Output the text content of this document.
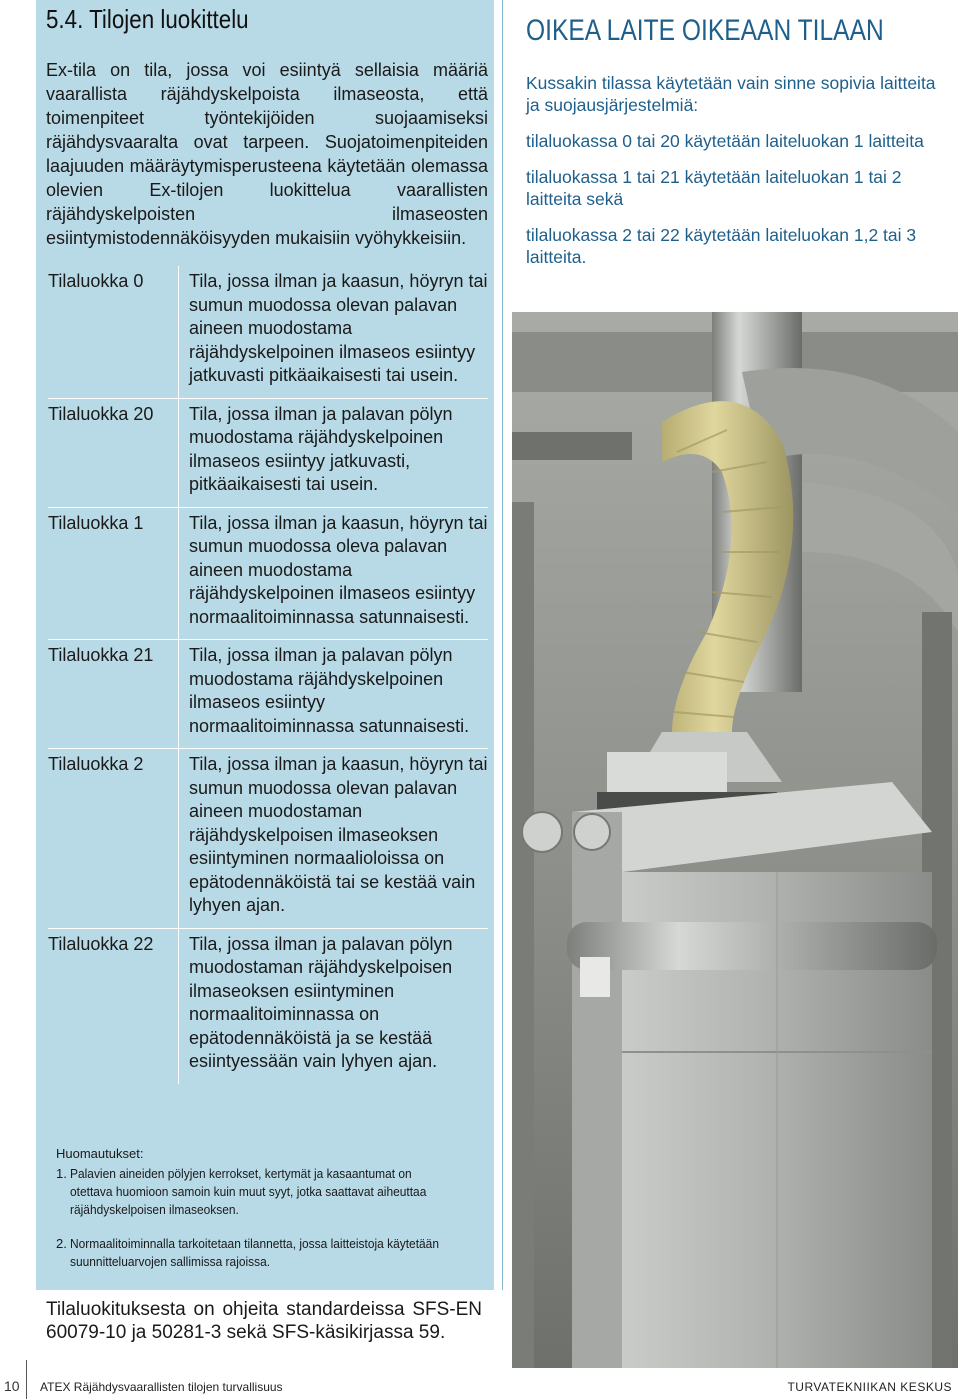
5.4. Tilojen luokittelu

Ex-tila on tila, jossa voi esiintyä sellaisia määriä vaarallista räjähdyskelpoista ilmaseosta, että toimenpiteet työntekijöiden suojaamiseksi räjähdysvaaralta ovat tarpeen. Suojatoimenpiteiden laajuuden määräytymisperusteena käytetään olemassa olevien Ex-tilojen luokittelua vaarallisten räjähdyskelpoisten ilmaseosten esiintymistodennäköisyyden mukaisiin vyöhykkeisiin.

Tilaluokka 0	Tila, jossa ilman ja kaasun, höyryn tai sumun muodossa olevan palavan aineen muodostama räjähdyskelpoinen ilmaseos esiintyy jatkuvasti pitkäaikaisesti tai usein.
Tilaluokka 20	Tila, jossa ilman ja palavan pölyn muodostama räjähdyskelpoinen ilmaseos esiintyy jatkuvasti, pitkäaikaisesti tai usein.
Tilaluokka 1	Tila, jossa ilman ja kaasun, höyryn tai sumun muodossa oleva palavan aineen muodostama räjähdyskelpoinen ilmaseos esiintyy normaalitoiminnassa satunnaisesti.
Tilaluokka 21	Tila, jossa ilman ja palavan pölyn muodostama räjähdyskelpoinen ilmaseos esiintyy normaalitoiminnassa satunnaisesti.
Tilaluokka 2	Tila, jossa ilman ja kaasun, höyryn tai sumun muodossa olevan palavan aineen muodostaman räjähdyskelpoisen ilmaseoksen esiintyminen normaalioloissa on epätodennäköistä tai se kestää vain lyhyen ajan.
Tilaluokka 22	Tila, jossa ilman ja palavan pölyn muodostaman räjähdyskelpoisen ilmaseoksen esiintyminen normaalitoiminnassa on epätodennäköistä ja se kestää esiintyessään vain lyhyen ajan.
Huomautukset:
1. Palavien aineiden pölyjen kerrokset, kertymät ja kasaantumat on otettava huomioon samoin kuin muut syyt, jotka saattavat aiheuttaa räjähdyskelpoisen ilmaseoksen.
2. Normaalitoiminnalla tarkoitetaan tilannetta, jossa laitteistoja käytetään suunnitteluarvojen sallimissa rajoissa.

Tilaluokituksesta on ohjeita standardeissa SFS-EN 60079-10 ja 50281-3 sekä SFS-käsikirjassa 59.

10 ATEX Räjähdysvaarallisten tilojen turvallisuus	TURVATEKNIIKAN KESKUS
OIKEA LAITE OIKEAAN TILAAN

Kussakin tilassa käytetään vain sinne sopivia laitteita ja suojausjärjestelmiä:

tilaluokassa 0 tai 20 käytetään laiteluokan 1 laitteita

tilaluokassa 1 tai 21 käytetään laiteluokan 1 tai 2 laitteita sekä

tilaluokassa 2 tai 22 käytetään laiteluokan 1,2 tai 3 laitteita.
